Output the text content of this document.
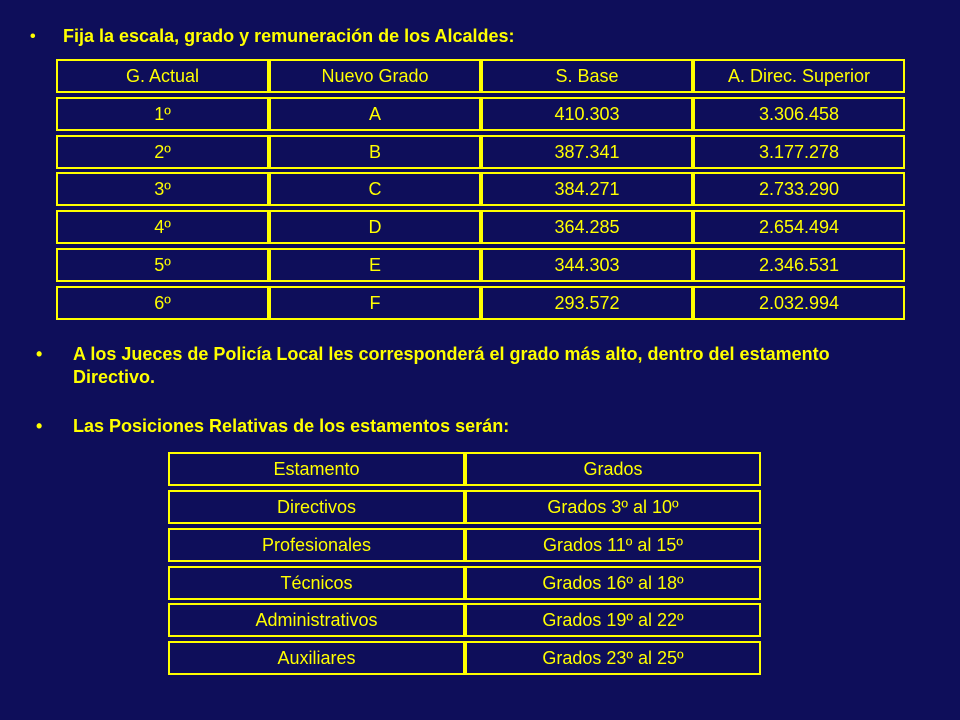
•	Fija la escala, grado y remuneración de los Alcaldes:
G. Actual	Nuevo Grado	S. Base	A. Direc. Superior
1º	A	410.303	3.306.458
2º	B	387.341	3.177.278
3º	C	384.271	2.733.290
4º	D	364.285	2.654.494
5º	E	344.303	2.346.531
6º	F	293.572	2.032.994
•	A los Jueces de Policía Local les corresponderá el grado más alto, dentro del estamento Directivo.
•	Las Posiciones Relativas de los estamentos serán:
Estamento	Grados
Directivos	Grados 3º al 10º
Profesionales	Grados 11º al 15º
Técnicos	Grados 16º al 18º
Administrativos	Grados 19º al 22º
Auxiliares	Grados 23º al 25º
